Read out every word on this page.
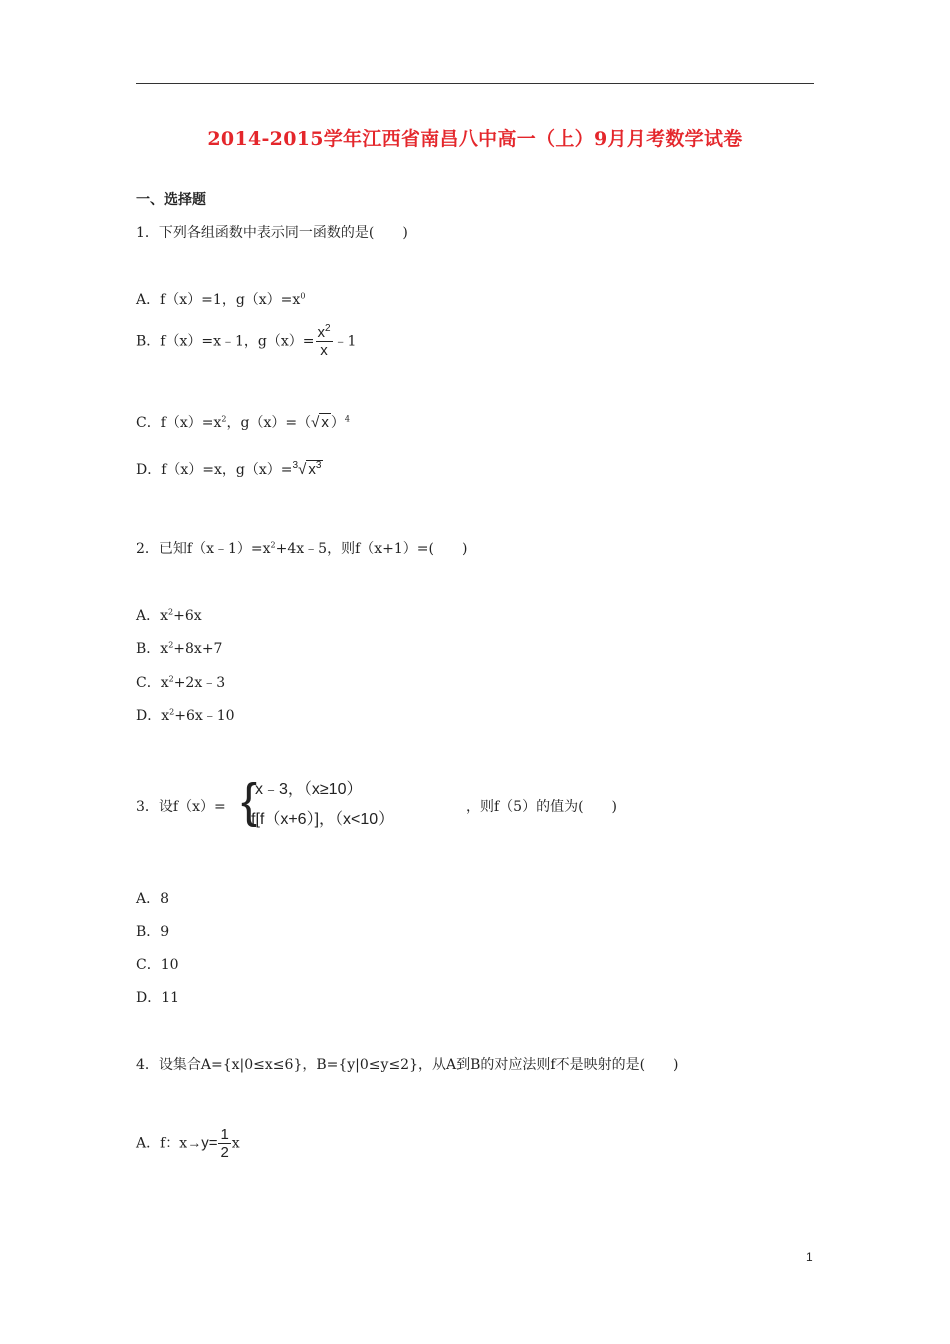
2014-2015学年江西省南昌八中高一（上）9月月考数学试卷
一、选择题
1．下列各组函数中表示同一函数的是(　　)
A．f（x）=1，$g(x)=x^0$
B．f（x）=x﹣1，$g(x)= \frac{x^2}{x}$ ﹣1
C．$f(x)=x^2$，g（x）=（√ x ）$^4$
D．f（x）=x，g（x）=$^3$√ $x^3$
2．已知$f(x﹣1)=x^2+4x﹣5$，则f（x+1）=(　　)
A．$x^2+6x$
B．$x^2+8x+7$
C．$x^2+2x﹣3$
D．$x^2+6x﹣10$
3．设f（x）= {
x﹣3，（x≥10）
f[f（x+6）]，（x<10）
，则f（5）的值为(　　)
A．8
B．9
C．10
D．11
4．设集合A={x|0≤x≤6}，B={y|0≤y≤2}，从A到B的对应法则f不是映射的是(　　)
A．f：$x\to y= \frac{1}{2}$ x
1
